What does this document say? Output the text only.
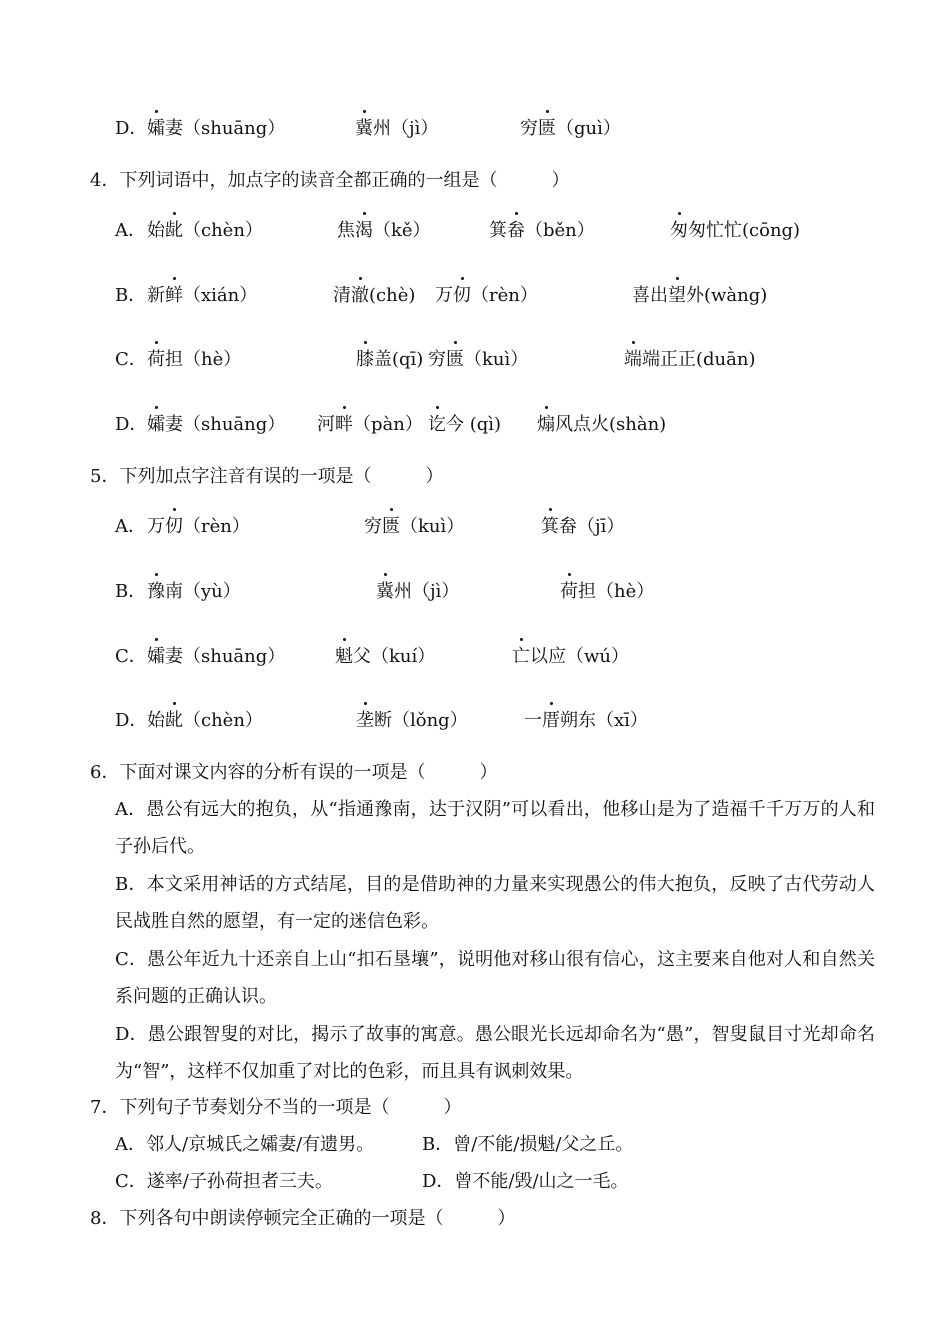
D． 孀妻（shuāng）	冀州（jì）	穷匮（guì）
4．下列词语中，加点字的读音全都正确的一组是（　　　）
A． 始龀（chèn）	焦渴（kě）	箕畚（běn）	匆匆忙忙(cōng)
B． 新鲜（xián）	清澈(chè) 万仞（rèn）	喜出望外(wàng)
C． 荷担（hè）	膝盖(qī) 穷匮（kuì）	端端正正(duān)
D． 孀妻（shuāng） 河畔（pàn） 讫今 (qì) 煽风点火(shàn)
5．下列加点字注音有误的一项是（　　　）
A． 万仞（rèn）	穷匮（kuì）	箕畚（jī）
B． 豫南（yù）	冀州（jì）	荷担（hè）
C． 孀妻（shuāng）	魁父（kuí）	亡以应（wú）
D． 始龀（chèn）	垄断（lǒng）	一厝朔东（xī）
6．下面对课文内容的分析有误的一项是（　　　）
A．愚公有远大的抱负，从“指通豫南，达于汉阴”可以看出，他移山是为了造福千千万万的人和子孙后代。
B．本文采用神话的方式结尾，目的是借助神的力量来实现愚公的伟大抱负，反映了古代劳动人民战胜自然的愿望，有一定的迷信色彩。
C．愚公年近九十还亲自上山“扣石垦壤”，说明他对移山很有信心，这主要来自他对人和自然关系问题的正确认识。
D．愚公跟智叟的对比，揭示了故事的寓意。愚公眼光长远却命名为“愚”，智叟鼠目寸光却命名为“智”，这样不仅加重了对比的色彩，而且具有讽刺效果。
7．下列句子节奏划分不当的一项是（　　　）
A．邻人/京城氏之孀妻/有遗男。	B．曾/不能/损魁/父之丘。
C．遂率/子孙荷担者三夫。	D．曾不能/毁/山之一毛。
8．下列各句中朗读停顿完全正确的一项是（　　　）
